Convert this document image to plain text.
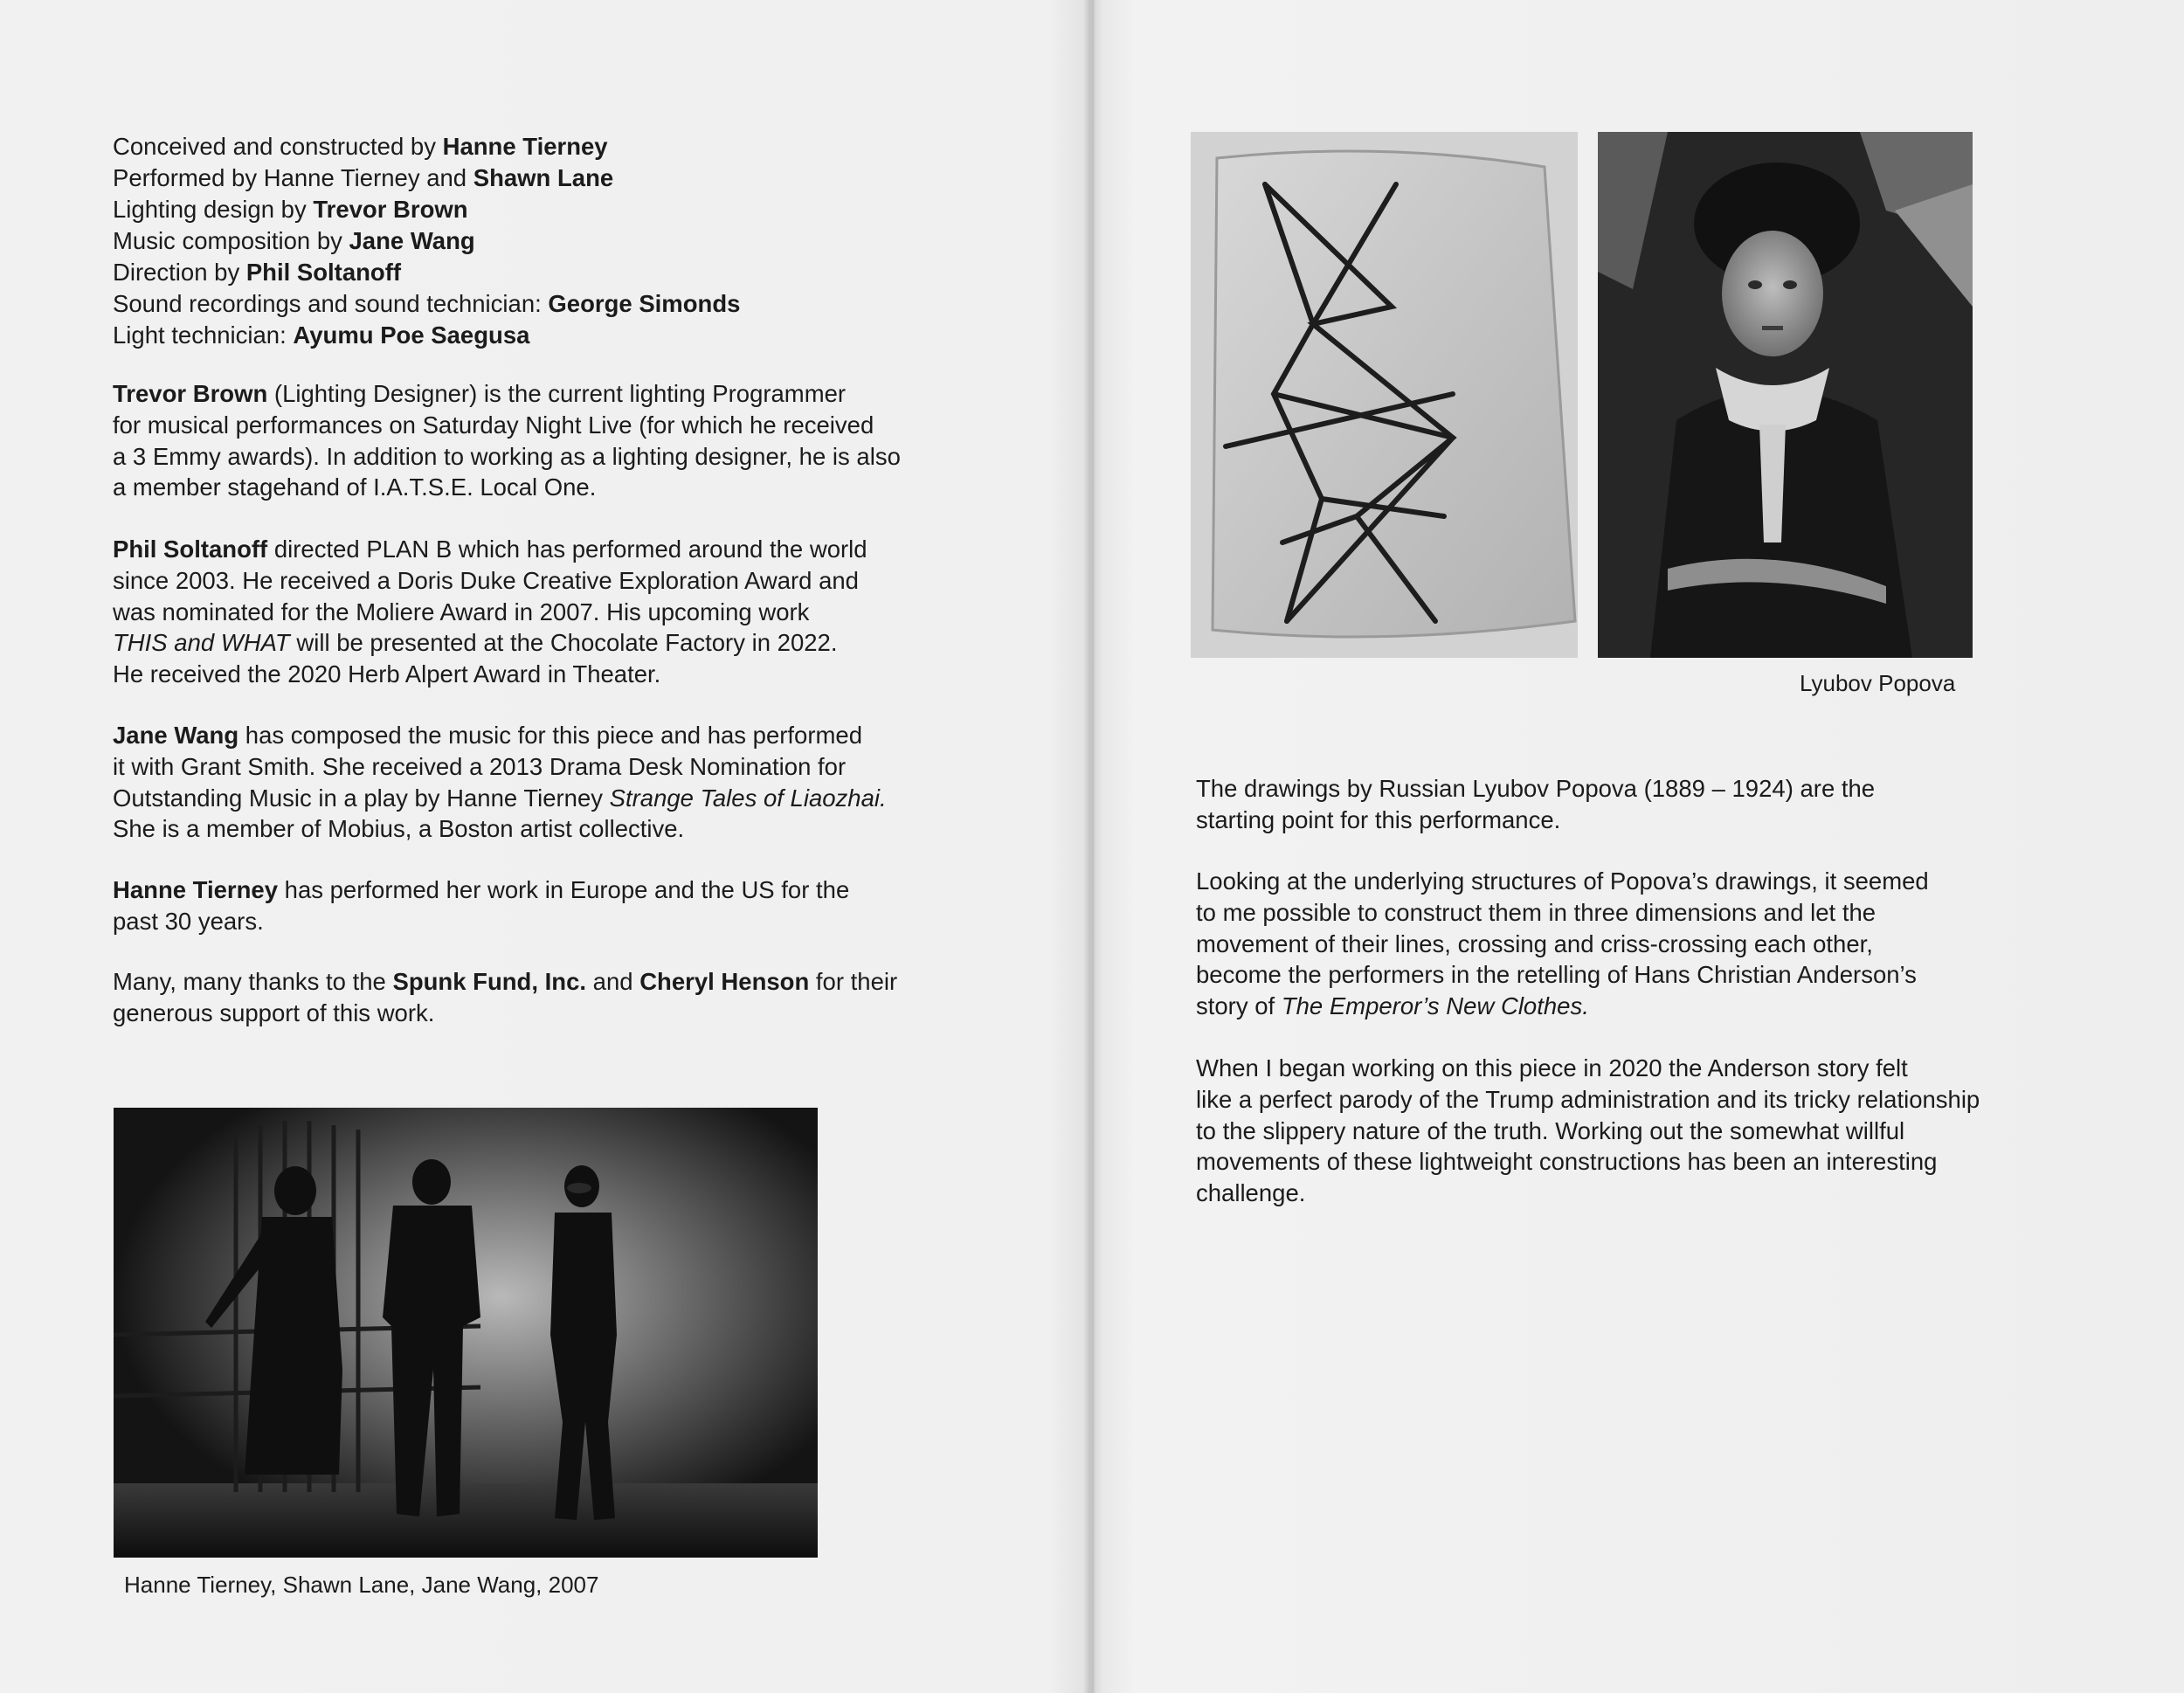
Conceived and constructed by Hanne Tierney
Performed by Hanne Tierney and Shawn Lane
Lighting design by Trevor Brown
Music composition by Jane Wang
Direction by Phil Soltanoff
Sound recordings and sound technician: George Simonds
Light technician: Ayumu Poe Saegusa

Trevor Brown (Lighting Designer) is the current lighting Programmer
for musical performances on Saturday Night Live (for which he received
a 3 Emmy awards). In addition to working as a lighting designer, he is also
a member stagehand of I.A.T.S.E. Local One.

Phil Soltanoff directed PLAN B which has performed around the world
since 2003. He received a Doris Duke Creative Exploration Award and
was nominated for the Moliere Award in 2007. His upcoming work
THIS and WHAT will be presented at the Chocolate Factory in 2022.
He received the 2020 Herb Alpert Award in Theater.

Jane Wang has composed the music for this piece and has performed
it with Grant Smith. She received a 2013 Drama Desk Nomination for
Outstanding Music in a play by Hanne Tierney Strange Tales of Liaozhai.
She is a member of Mobius, a Boston artist collective.

Hanne Tierney has performed her work in Europe and the US for the
past 30 years.

Many, many thanks to the Spunk Fund, Inc. and Cheryl Henson for their
generous support of this work.

Hanne Tierney, Shawn Lane, Jane Wang, 2007
Lyubov Popova

The drawings by Russian Lyubov Popova (1889 – 1924) are the
starting point for this performance.

Looking at the underlying structures of Popova’s drawings, it seemed
to me possible to construct them in three dimensions and let the
movement of their lines, crossing and criss-crossing each other,
become the performers in the retelling of Hans Christian Anderson’s
story of The Emperor’s New Clothes.

When I began working on this piece in 2020 the Anderson story felt
like a perfect parody of the Trump administration and its tricky relationship
to the slippery nature of the truth. Working out the somewhat willful
movements of these lightweight constructions has been an interesting
challenge.
